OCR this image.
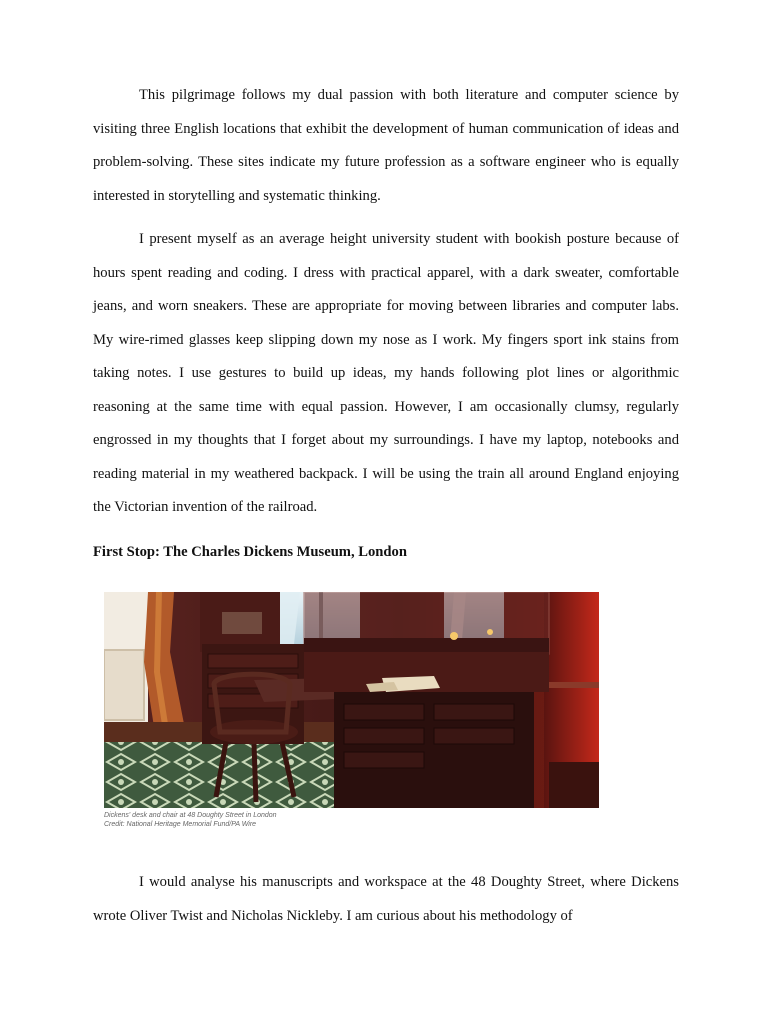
This pilgrimage follows my dual passion with both literature and computer science by visiting three English locations that exhibit the development of human communication of ideas and problem-solving. These sites indicate my future profession as a software engineer who is equally interested in storytelling and systematic thinking.

I present myself as an average height university student with bookish posture because of hours spent reading and coding. I dress with practical apparel, with a dark sweater, comfortable jeans, and worn sneakers. These are appropriate for moving between libraries and computer labs. My wire-rimed glasses keep slipping down my nose as I work. My fingers sport ink stains from taking notes. I use gestures to build up ideas, my hands following plot lines or algorithmic reasoning at the same time with equal passion. However, I am occasionally clumsy, regularly engrossed in my thoughts that I forget about my surroundings. I have my laptop, notebooks and reading material in my weathered backpack. I will be using the train all around England enjoying the Victorian invention of the railroad.

First Stop: The Charles Dickens Museum, London

Dickens' desk and chair at 48 Doughty Street in London
Credit: National Heritage Memorial Fund/PA Wire

I would analyse his manuscripts and workspace at the 48 Doughty Street, where Dickens wrote Oliver Twist and Nicholas Nickleby. I am curious about his methodology of
